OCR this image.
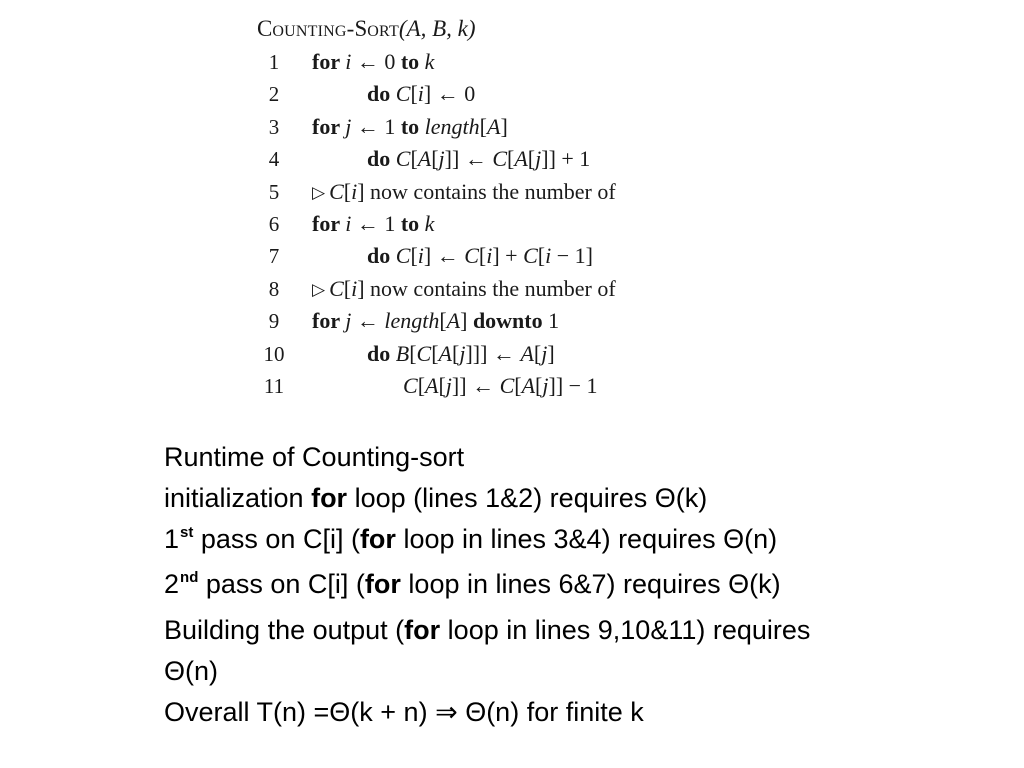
Counting-Sort(A, B, k)
1 for i ← 0 to k
2	do C[i] ← 0
3 for j ← 1 to length[A]
4	do C[A[j]] ← C[A[j]] + 1
5 ▷ C[i] now contains the number of
6 for i ← 1 to k
7	do C[i] ← C[i] + C[i − 1]
8 ▷ C[i] now contains the number of
9 for j ← length[A] downto 1
10	do B[C[A[j]]] ← A[j]
11	C[A[j]] ← C[A[j]] − 1
Runtime of Counting-sort
initialization for loop (lines 1&2) requires Θ(k)
1st pass on C[i] (for loop in lines 3&4) requires Θ(n)
2nd pass on C[i] (for loop in lines 6&7) requires Θ(k)
Building the output (for loop in lines 9,10&11) requires
Θ(n)
Overall T(n) =Θ(k + n) ⇒ Θ(n) for finite k
